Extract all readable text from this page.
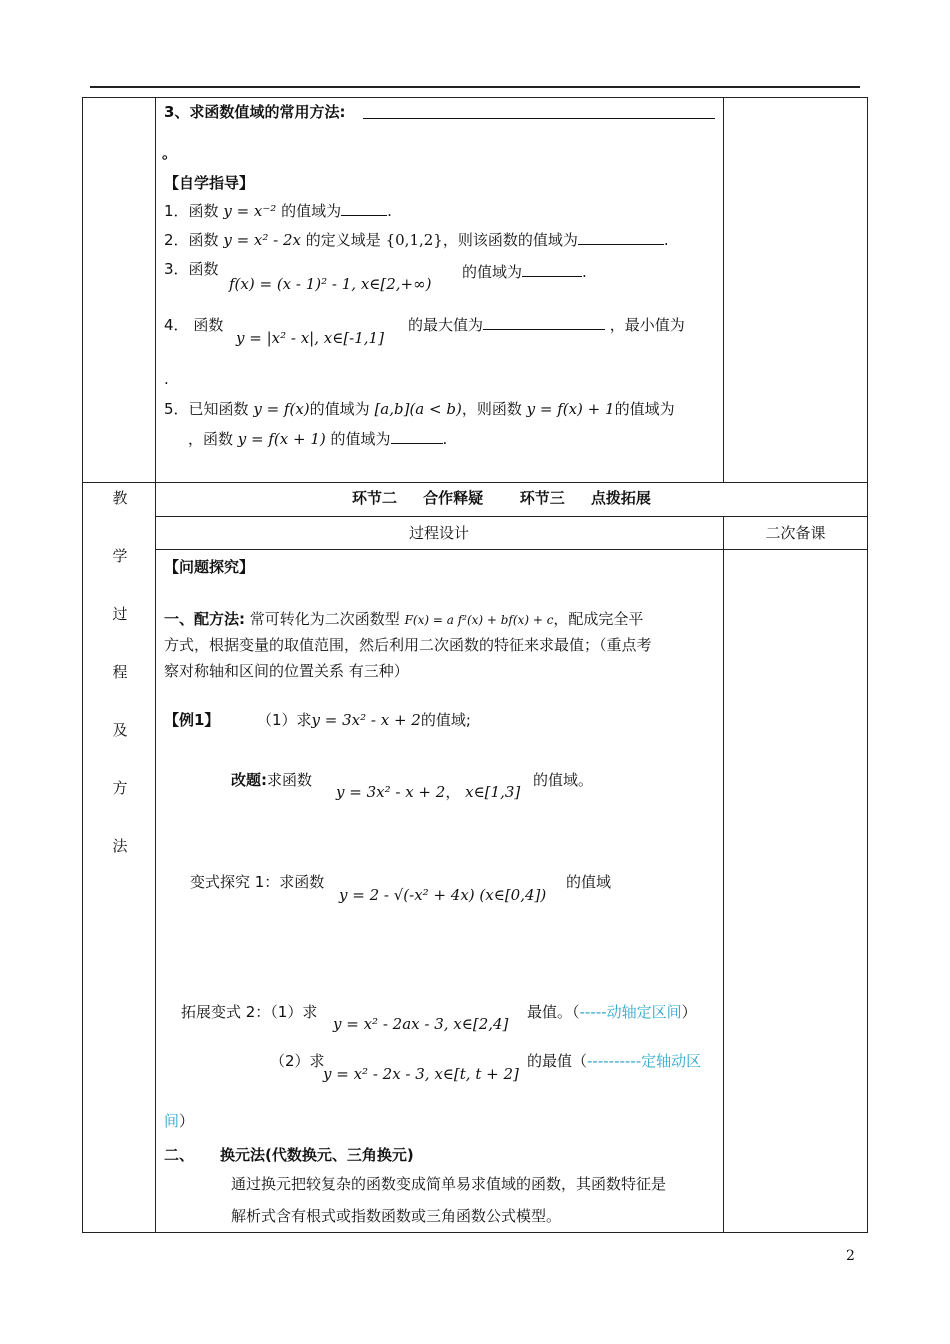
3、求函数值域的常用方法:
。
【自学指导】
1．函数 y = x⁻² 的值域为	.
2．函数 y = x² - 2x 的定义域是 {0,1,2}，则该函数的值域为	.
3．函数
f(x) = (x - 1)² - 1, x∈[2,+∞)
的值域为	.
4． 函数
y = |x² - x|, x∈[-1,1]
的最大值为	，最小值为
.
5．已知函数 y = f(x)的值域为 [a,b](a < b)，则函数 y = f(x) + 1的值域为
，函数 y = f(x + 1) 的值域为	.
教
学
过
程
及
方
法
环节二 合作释疑 环节三 点拨拓展
过程设计	二次备课
【问题探究】
一、配方法: 常可转化为二次函数型 F(x) = a f²(x) + bf(x) + c，配成完全平
方式，根据变量的取值范围，然后利用二次函数的特征来求最值；（重点考
察对称轴和区间的位置关系 有三种）
【例1】	（1）求y = 3x² - x + 2的值域;
改题:求函数
y = 3x² - x + 2， x∈[1,3]
的值域。
变式探究 1：求函数
y = 2 - √(-x² + 4x) (x∈[0,4])
的值域
拓展变式 2：（1）求
y = x² - 2ax - 3, x∈[2,4]
最值。（-----动轴定区间）
（2）求
y = x² - 2x - 3, x∈[t, t + 2]
的最值（----------定轴动区
间）
二、 换元法(代数换元、三角换元)
通过换元把较复杂的函数变成简单易求值域的函数，其函数特征是
解析式含有根式或指数函数或三角函数公式模型。
2
